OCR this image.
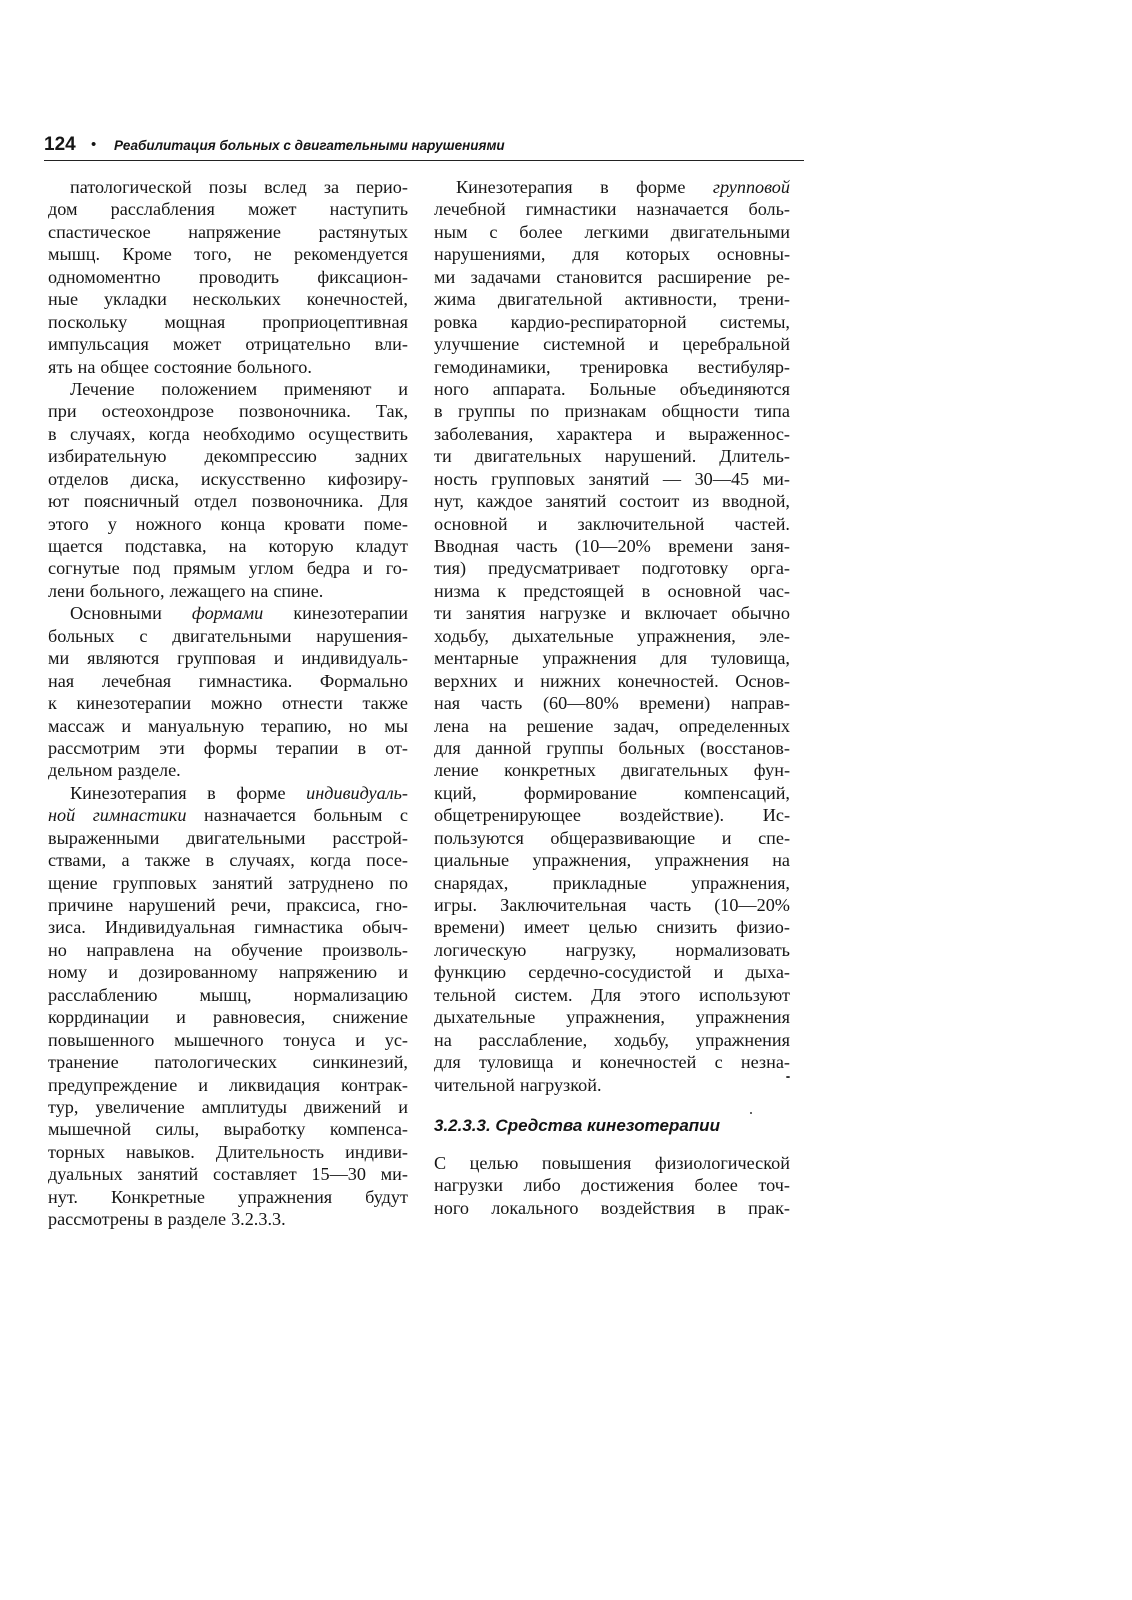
124 • Реабилитация больных с двигательными нарушениями
патологической позы вслед за перио-
дом расслабления может наступить
спастическое напряжение растянутых
мышц. Кроме того, не рекомендуется
одномоментно проводить фиксацион-
ные укладки нескольких конечностей,
поскольку мощная проприоцептивная
импульсация может отрицательно вли-
ять на общее состояние больного.
Лечение положением применяют и
при остеохондрозе позвоночника. Так,
в случаях, когда необходимо осуществить
избирательную декомпрессию задних
отделов диска, искусственно кифозиру-
ют поясничный отдел позвоночника. Для
этого у ножного конца кровати поме-
щается подставка, на которую кладут
согнутые под прямым углом бедра и го-
лени больного, лежащего на спине.
Основными формами кинезотерапии
больных с двигательными нарушения-
ми являются групповая и индивидуаль-
ная лечебная гимнастика. Формально
к кинезотерапии можно отнести также
массаж и мануальную терапию, но мы
рассмотрим эти формы терапии в от-
дельном разделе.
Кинезотерапия в форме индивидуаль-
ной гимнастики назначается больным с
выраженными двигательными расстрой-
ствами, а также в случаях, когда посе-
щение групповых занятий затруднено по
причине нарушений речи, праксиса, гно-
зиса. Индивидуальная гимнастика обыч-
но направлена на обучение произволь-
ному и дозированному напряжению и
расслаблению мышц, нормализацию
коррдинации и равновесия, снижение
повышенного мышечного тонуса и ус-
транение патологических синкинезий,
предупреждение и ликвидация контрак-
тур, увеличение амплитуды движений и
мышечной силы, выработку компенса-
торных навыков. Длительность индиви-
дуальных занятий составляет 15—30 ми-
нут. Конкретные упражнения будут
рассмотрены в разделе 3.2.3.3.
Кинезотерапия в форме групповой
лечебной гимнастики назначается боль-
ным с более легкими двигательными
нарушениями, для которых основны-
ми задачами становится расширение ре-
жима двигательной активности, трени-
ровка кардио-респираторной системы,
улучшение системной и церебральной
гемодинамики, тренировка вестибуляр-
ного аппарата. Больные объединяются
в группы по признакам общности типа
заболевания, характера и выраженнос-
ти двигательных нарушений. Длитель-
ность групповых занятий — 30—45 ми-
нут, каждое занятий состоит из вводной,
основной и заключительной частей.
Вводная часть (10—20% времени заня-
тия) предусматривает подготовку орга-
низма к предстоящей в основной час-
ти занятия нагрузке и включает обычно
ходьбу, дыхательные упражнения, эле-
ментарные упражнения для туловища,
верхних и нижних конечностей. Основ-
ная часть (60—80% времени) направ-
лена на решение задач, определенных
для данной группы больных (восстанов-
ление конкретных двигательных фун-
кций,	формирование	компенсаций,
общетренирующее воздействие). Ис-
пользуются общеразвивающие и спе-
циальные упражнения, упражнения на
снарядах, прикладные упражнения,
игры. Заключительная часть (10—20%
времени) имеет целью снизить физио-
логическую нагрузку, нормализовать
функцию сердечно-сосудистой и дыха-
тельной систем. Для этого используют
дыхательные упражнения, упражнения
на расслабление, ходьбу, упражнения
для туловища и конечностей с незна-
чительной нагрузкой.
3.2.3.3. Средства кинезотерапии
С целью повышения физиологической
нагрузки либо достижения более точ-
ного локального воздействия в прак-
